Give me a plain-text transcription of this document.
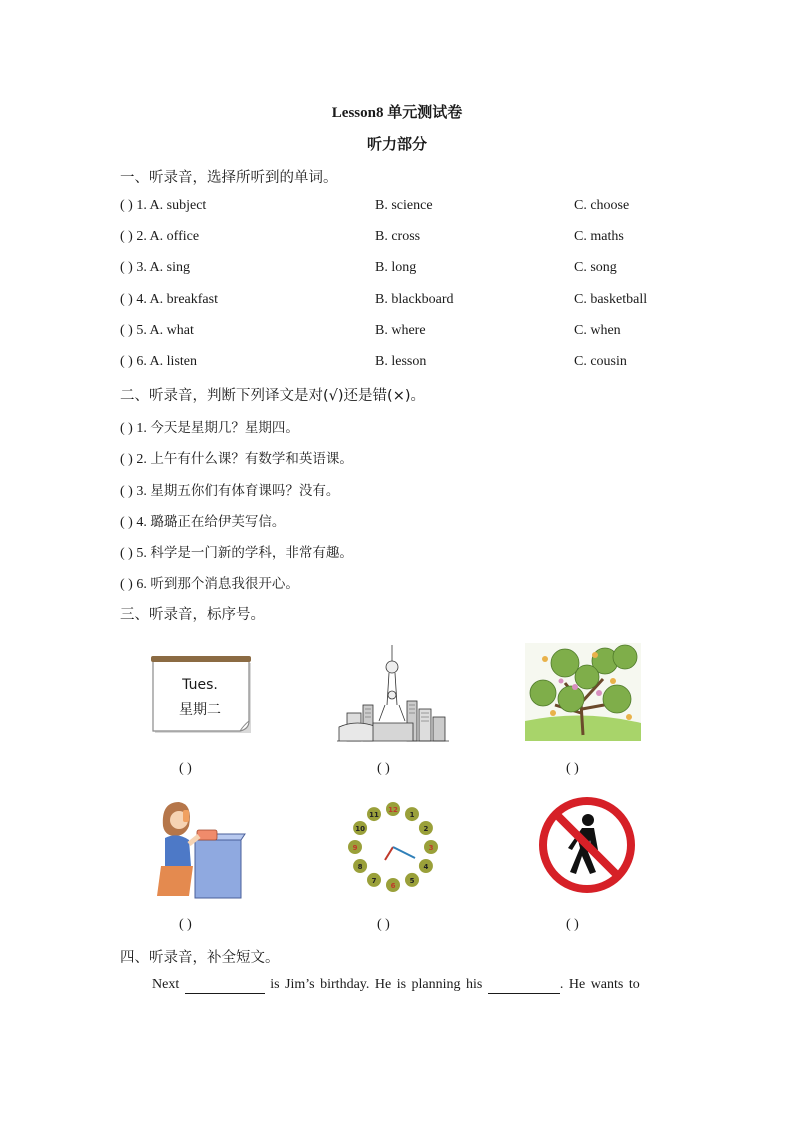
Lesson8 单元测试卷
听力部分
一、听录音，选择所听到的单词。
( ) 1. A. subject	B. science	C. choose
( ) 2. A. office	B. cross	C. maths
( ) 3. A. sing	B. long	C. song
( ) 4. A. breakfast	B. blackboard	C. basketball
( ) 5. A. what	B. where	C. when
( ) 6. A. listen	B. lesson	C. cousin
二、听录音，判断下列译文是对(√)还是错(×)。
( ) 1. 今天是星期几？星期四。
( ) 2. 上午有什么课？有数学和英语课。
( ) 3. 星期五你们有体育课吗？没有。
( ) 4. 璐璐正在给伊芙写信。
( ) 5. 科学是一门新的学科，非常有趣。
( ) 6. 听到那个消息我很开心。
三、听录音，标序号。
Tues.
星期二
( )	( )	( )
11
10
9
8
7
6
5
4
3
2
1
12
( )	( )	( )
四、听录音，补全短文。
Next	is Jim’s birthday. He is planning his	. He wants to
